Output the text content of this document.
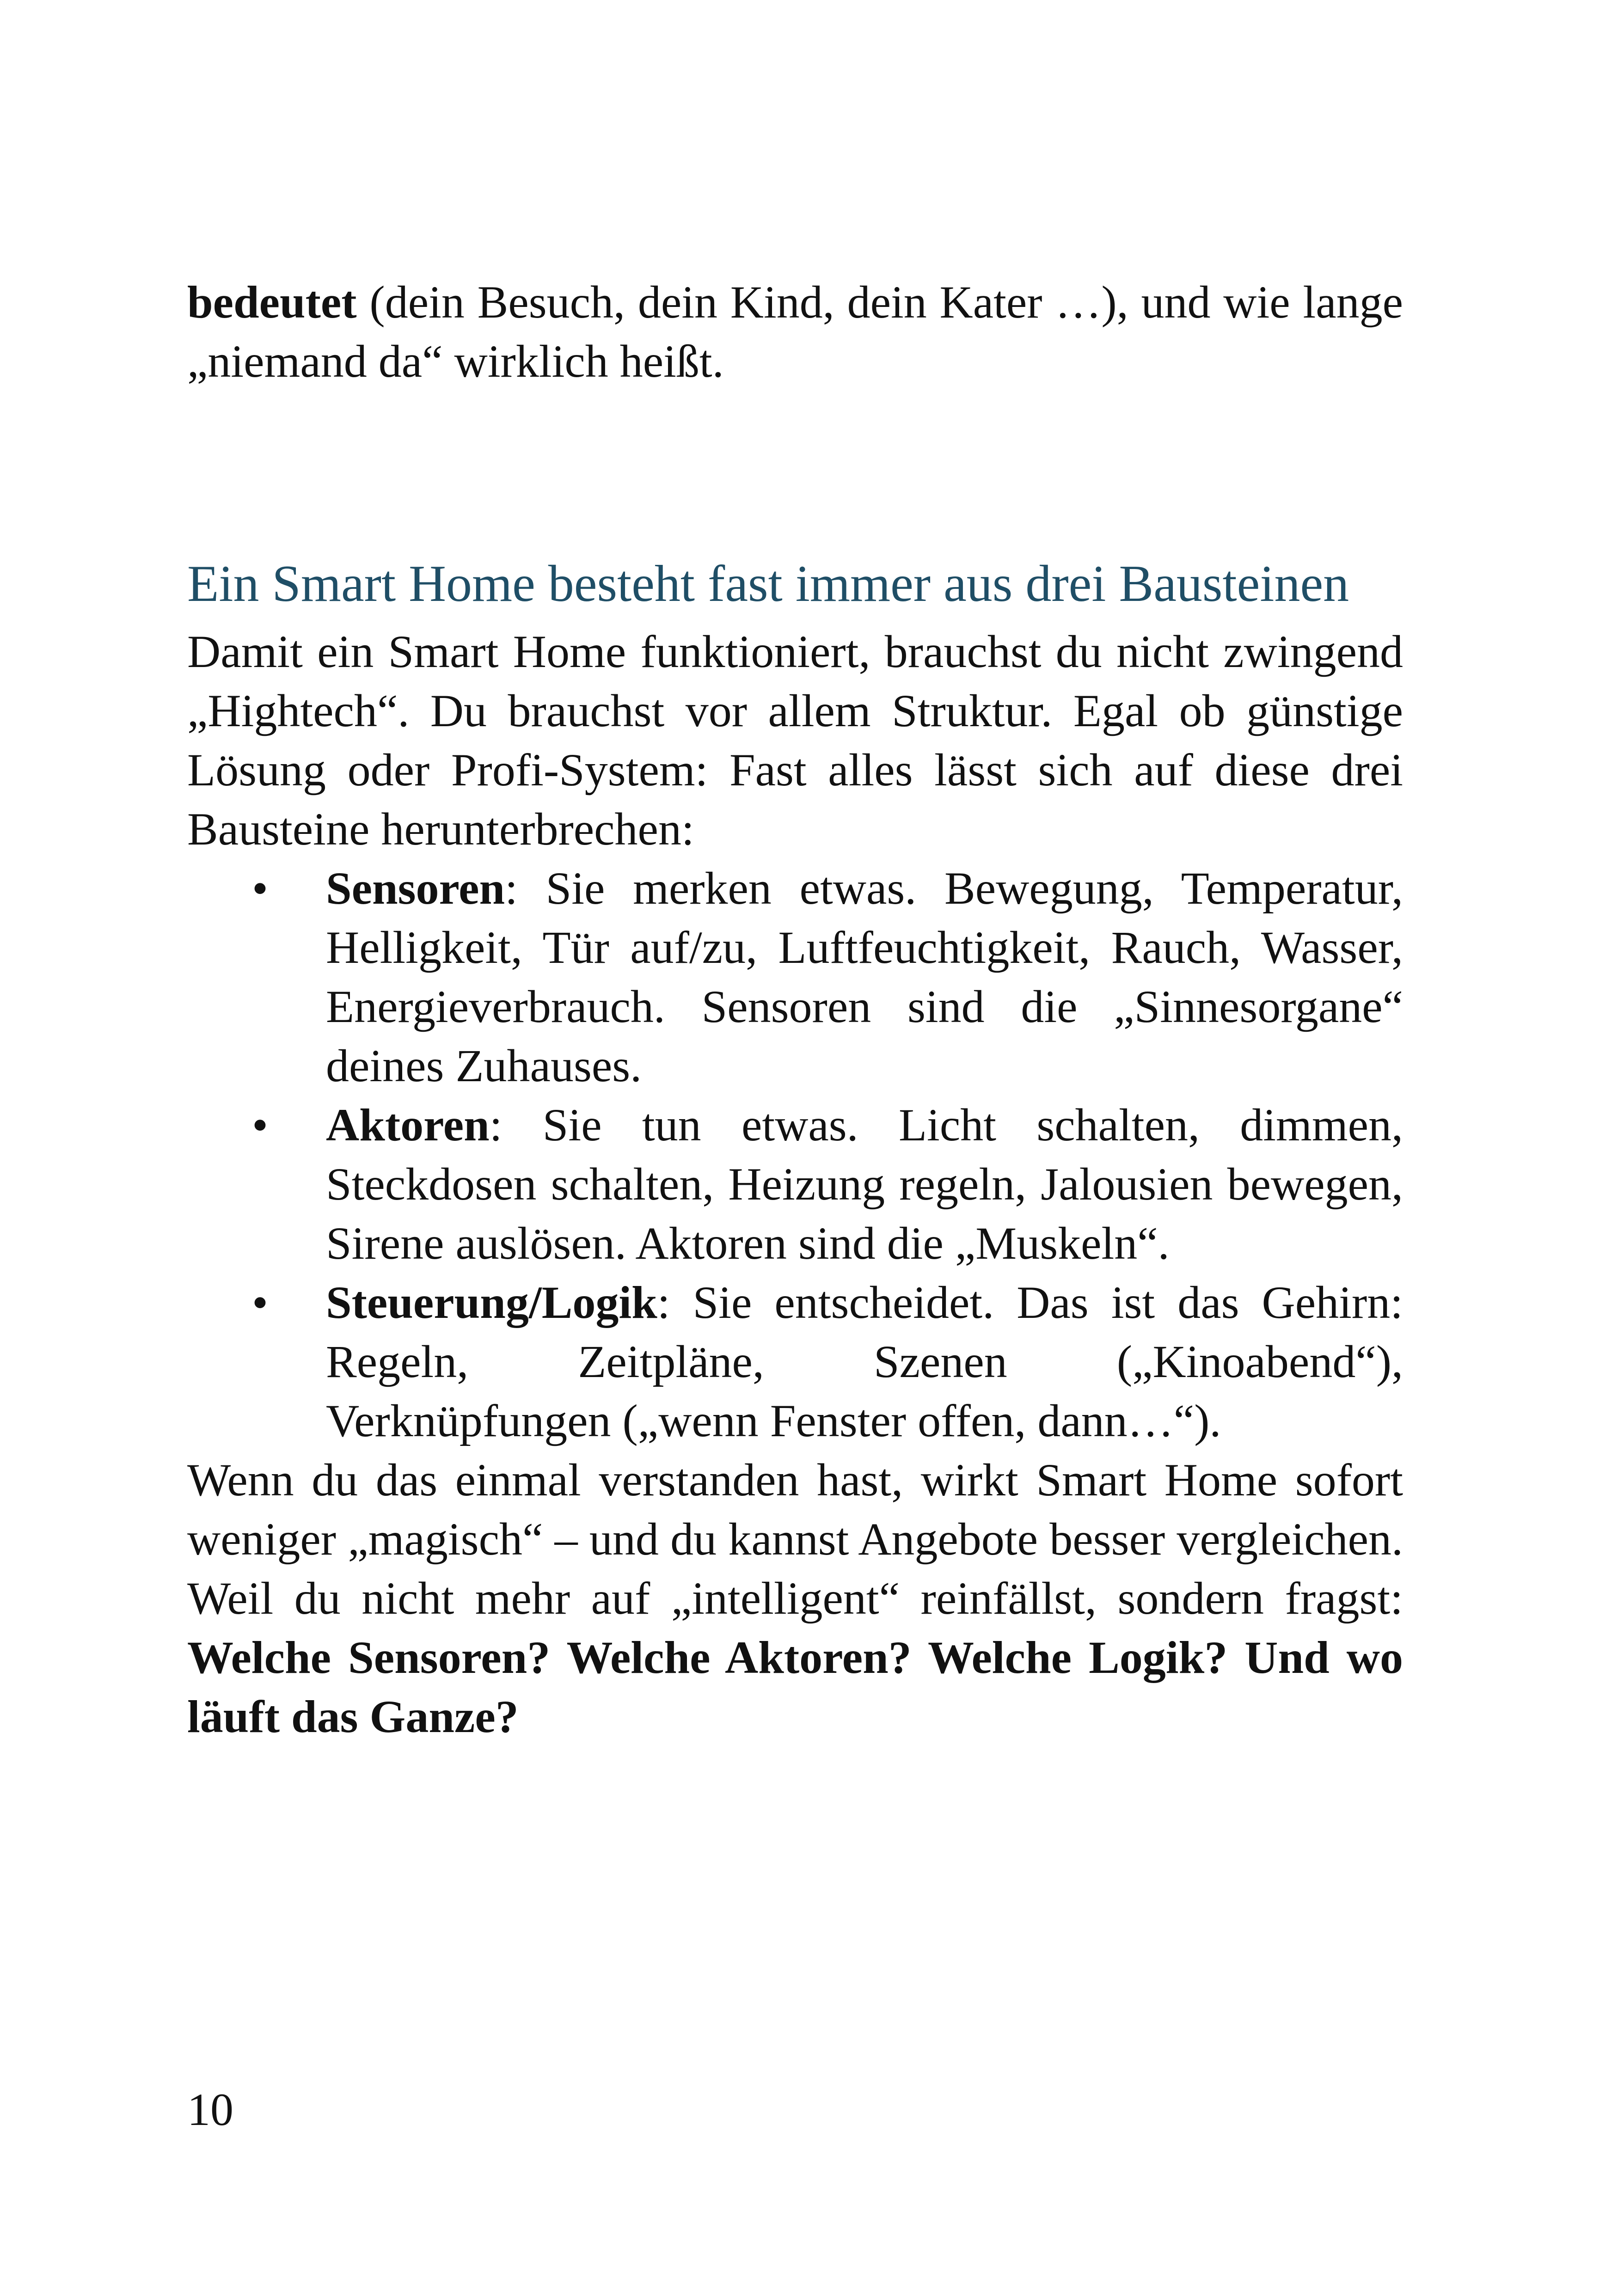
bedeutet (dein Besuch, dein Kind, dein Kater …), und wie lange „niemand da“ wirklich heißt.

Ein Smart Home besteht fast immer aus drei Bausteinen

Damit ein Smart Home funktioniert, brauchst du nicht zwingend „Hightech“. Du brauchst vor allem Struktur. Egal ob günstige Lösung oder Profi-System: Fast alles lässt sich auf diese drei Bausteine herunterbrechen:

• Sensoren: Sie merken etwas. Bewegung, Temperatur, Helligkeit, Tür auf/zu, Luftfeuchtigkeit, Rauch, Wasser, Energieverbrauch. Sensoren sind die „Sinnesorgane“ deines Zuhauses.
• Aktoren: Sie tun etwas. Licht schalten, dimmen, Steckdosen schalten, Heizung regeln, Jalousien bewegen, Sirene auslösen. Aktoren sind die „Muskeln“.
• Steuerung/Logik: Sie entscheidet. Das ist das Gehirn: Regeln, Zeitpläne, Szenen („Kinoabend“), Verknüpfungen („wenn Fenster offen, dann…“).

Wenn du das einmal verstanden hast, wirkt Smart Home sofort weniger „magisch“ – und du kannst Angebote besser vergleichen. Weil du nicht mehr auf „intelligent“ reinfällst, sondern fragst: Welche Sensoren? Welche Aktoren? Welche Logik? Und wo läuft das Ganze?

10
